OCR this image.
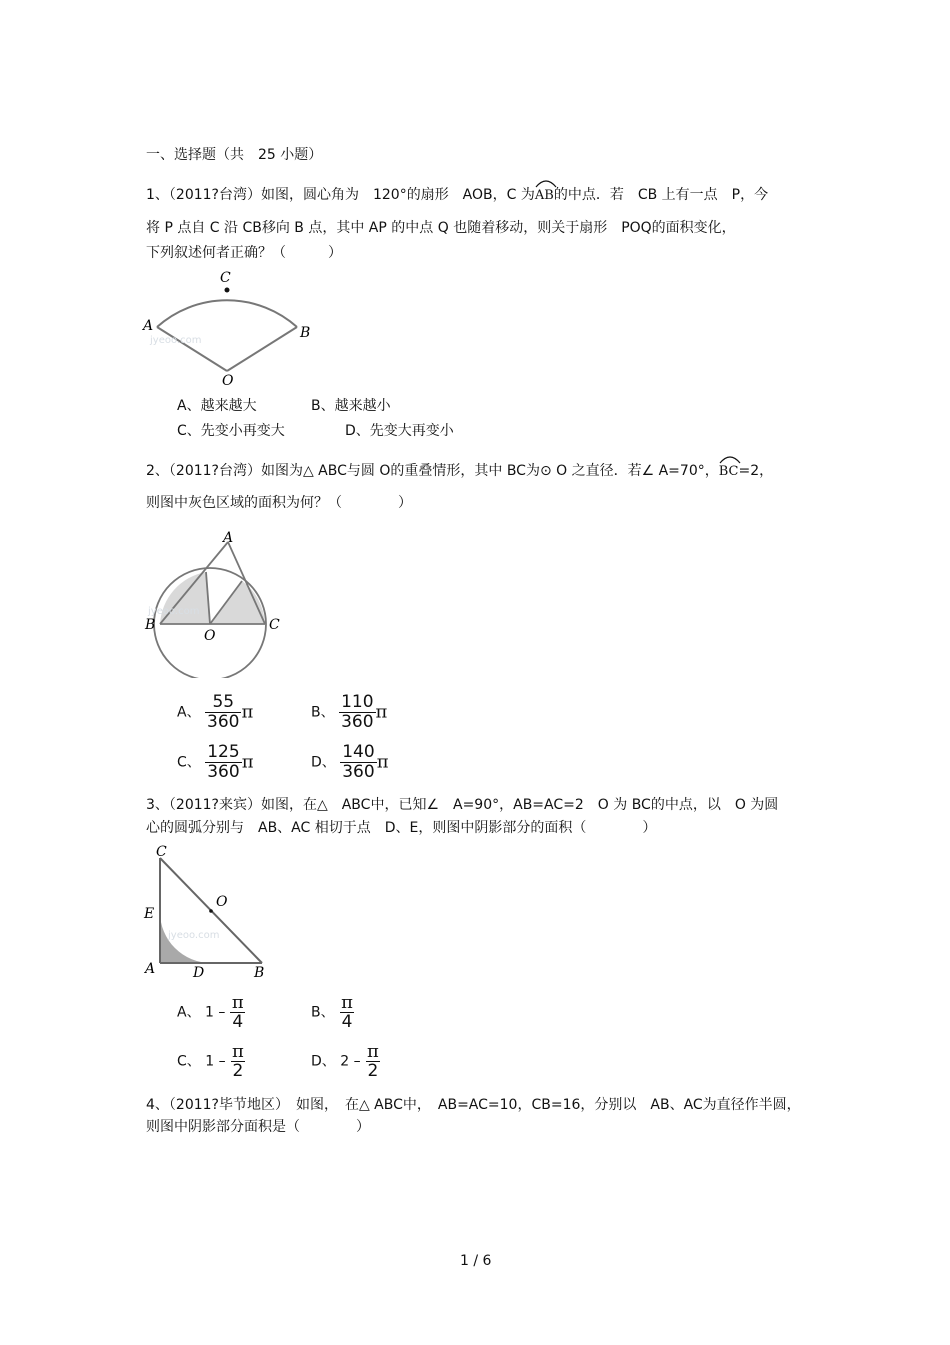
一、选择题（共　25 小题）
1、（2011?台湾）如图，圆心角为　120°的扇形　AOB，C 为
AB的中点．若　CB 上有一点　P，今
将 P 点自 C 沿 CB移向 B 点，其中 AP 的中点 Q 也随着移动，则关于扇形　POQ的面积变化，
下列叙述何者正确？（　　　）
C
A	B
O
jyeoo.com
A、越来越大	B、越来越小
C、先变小再变大	D、先变大再变小
2、（2011?台湾）如图为△ ABC与圆 O的重叠情形，其中 BC为⊙ O 之直径．若∠ A=70°，
BC=2，
则图中灰色区域的面积为何？（　　　　）
A
B
O
C
jyeoo.com
A、 $\frac{55}{360}$ π	B、 $\frac{110}{360}$ π
C、 $\frac{125}{360}$ π	D、 $\frac{140}{360}$ π
3、（2011?来宾）如图，在△　ABC中，已知∠　A=90°，AB=AC=2　O 为 BC的中点，以　O 为圆
心的圆弧分别与　AB、AC 相切于点　D、E，则图中阴影部分的面积（　　　　）
C
E
O
A	D	B
jyeoo.com
A、 $1 - \frac{\pi}{4}$	B、 $\frac{\pi}{4}$
C、 $1 - \frac{\pi}{2}$	D、 $2 - \frac{\pi}{2}$
4、（2011?毕节地区）　如图，　在△ ABC中，　AB=AC=10，CB=16，分别以　AB、AC为直径作半圆，
则图中阴影部分面积是（　　　　）
1 / 6
